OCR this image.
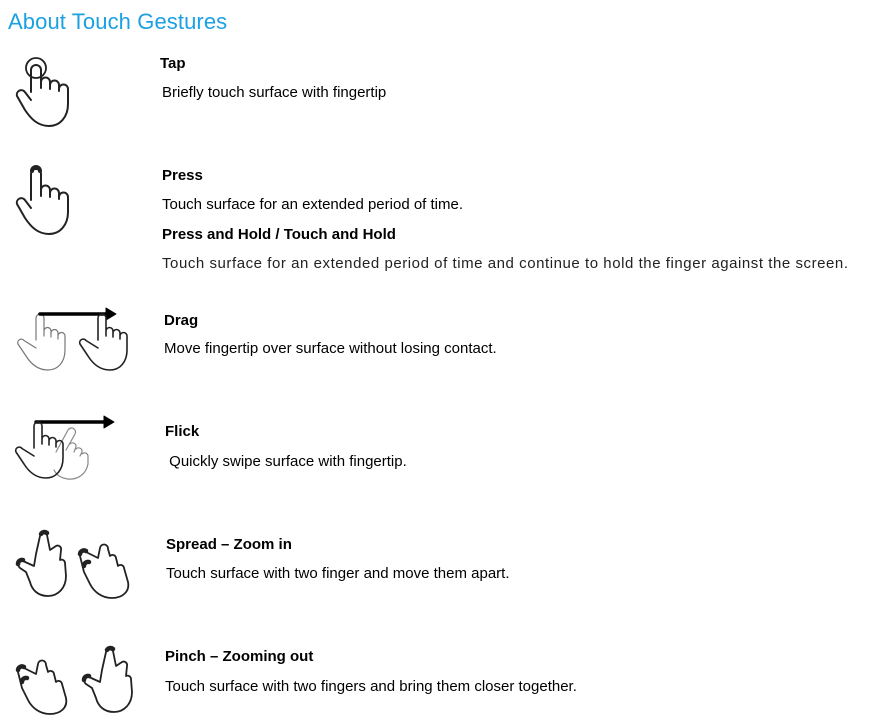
About Touch Gestures
Tap
Briefly touch surface with fingertip
Press
Touch surface for an extended period of time.
Press and Hold / Touch and Hold
Touch surface for an extended period of time and continue to hold the finger against the screen.
Drag
Move fingertip over surface without losing contact.
Flick
Quickly swipe surface with fingertip.
Spread – Zoom in
Touch surface with two finger and move them apart.
Pinch – Zooming out
Touch surface with two fingers and bring them closer together.
